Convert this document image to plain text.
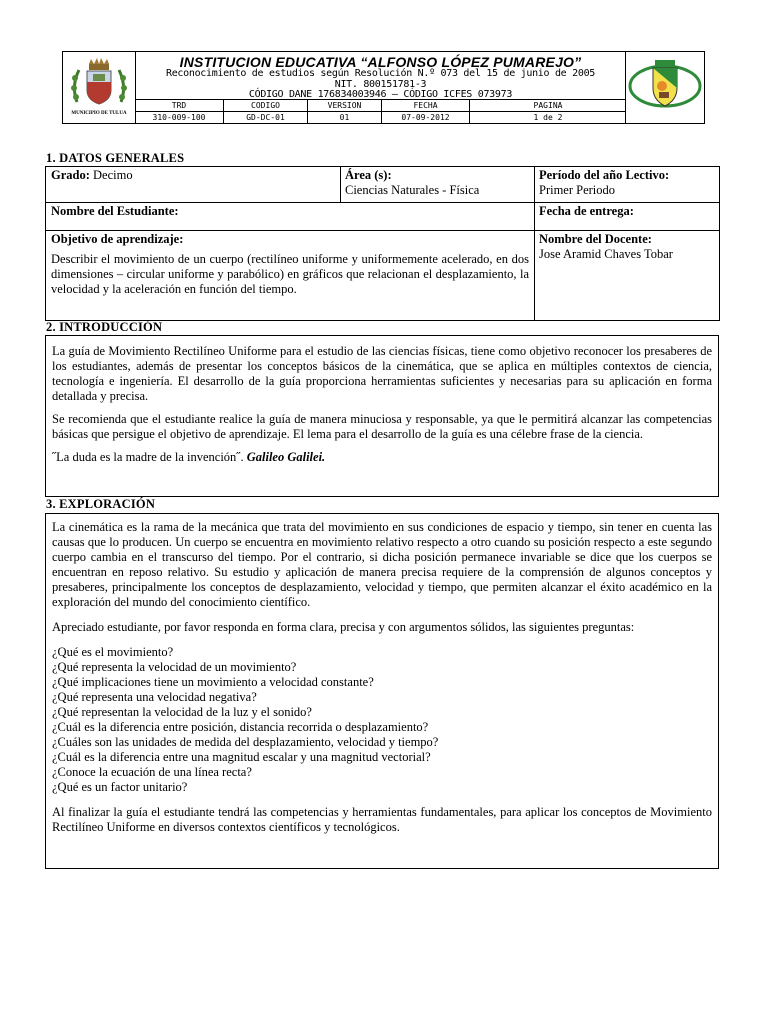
MUNICIPIO DE TULUA
INSTITUCION EDUCATIVA “ALFONSO LÓPEZ PUMAREJO”
Reconocimiento de estudios según Resolución N.º 073 del 15 de junio de 2005
NIT. 800151781-3
CÓDIGO DANE 176834003946 – CÓDIGO ICFES 073973
TRD
310-009-100
CODIGO
GD-DC-01
VERSION
01
FECHA
07-09-2012
PAGINA
1 de 2
1. DATOS GENERALES
Grado: Decimo	Área (s):
Ciencias Naturales - Física
Período del año Lectivo:
Primer Periodo
Nombre del Estudiante:	Fecha de entrega:
Objetivo de aprendizaje:
Describir el movimiento de un cuerpo (rectilíneo uniforme y uniformemente acelerado, en dos dimensiones – circular uniforme y parabólico) en gráficos que relacionan el desplazamiento, la velocidad y la aceleración en función del tiempo.
Nombre del Docente:
Jose Aramid Chaves Tobar
2. INTRODUCCIÓN
La guía de Movimiento Rectilíneo Uniforme para el estudio de las ciencias físicas, tiene como objetivo reconocer los presaberes de los estudiantes, además de presentar los conceptos básicos de la cinemática, que se aplica en múltiples contextos de ciencia, tecnología e ingeniería. El desarrollo de la guía proporciona herramientas suficientes y necesarias para su aplicación en forma detallada y precisa.
Se recomienda que el estudiante realice la guía de manera minuciosa y responsable, ya que le permitirá alcanzar las competencias básicas que persigue el objetivo de aprendizaje. El lema para el desarrollo de la guía es una célebre frase de la ciencia.
˝La duda es la madre de la invención˝. Galileo Galilei.
3. EXPLORACIÓN
La cinemática es la rama de la mecánica que trata del movimiento en sus condiciones de espacio y tiempo, sin tener en cuenta las causas que lo producen. Un cuerpo se encuentra en movimiento relativo respecto a otro cuando su posición respecto a este segundo cuerpo cambia en el transcurso del tiempo. Por el contrario, si dicha posición permanece invariable se dice que los cuerpos se encuentran en reposo relativo. Su estudio y aplicación de manera precisa requiere de la comprensión de algunos conceptos y presaberes, principalmente los conceptos de desplazamiento, velocidad y tiempo, que permiten alcanzar el éxito académico en la exploración del mundo del conocimiento científico.
Apreciado estudiante, por favor responda en forma clara, precisa y con argumentos sólidos, las siguientes preguntas:
¿Qué es el movimiento?
¿Qué representa la velocidad de un movimiento?
¿Qué implicaciones tiene un movimiento a velocidad constante?
¿Qué representa una velocidad negativa?
¿Qué representan la velocidad de la luz y el sonido?
¿Cuál es la diferencia entre posición, distancia recorrida o desplazamiento?
¿Cuáles son las unidades de medida del desplazamiento, velocidad y tiempo?
¿Cuál es la diferencia entre una magnitud escalar y una magnitud vectorial?
¿Conoce la ecuación de una línea recta?
¿Qué es un factor unitario?
Al finalizar la guía el estudiante tendrá las competencias y herramientas fundamentales, para aplicar los conceptos de Movimiento Rectilíneo Uniforme en diversos contextos científicos y tecnológicos.
